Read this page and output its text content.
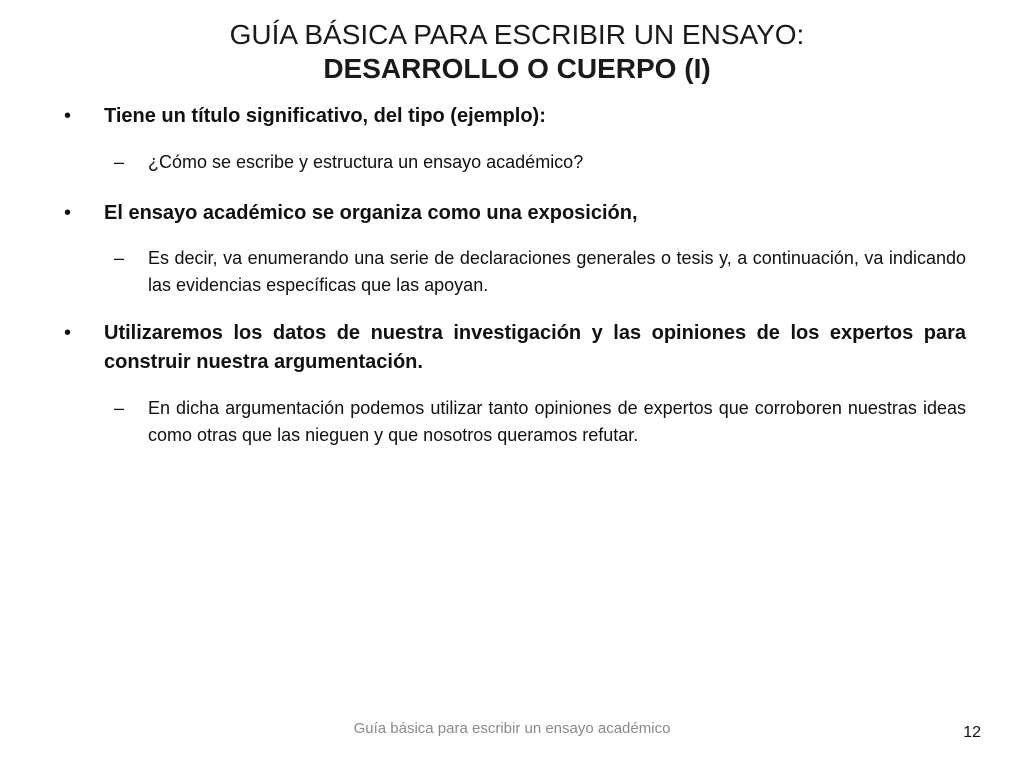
GUÍA BÁSICA PARA ESCRIBIR UN ENSAYO:
DESARROLLO O CUERPO (I)
•	Tiene un título significativo, del tipo (ejemplo):
– ¿Cómo se escribe y estructura un ensayo académico?
•	El ensayo académico se organiza como una exposición,
– Es decir, va enumerando una serie de declaraciones generales o tesis y, a continuación, va indicando las evidencias específicas que las apoyan.
•	Utilizaremos los datos de nuestra investigación y las opiniones de los expertos para construir nuestra argumentación.
– En dicha argumentación podemos utilizar tanto opiniones de expertos que corroboren nuestras ideas como otras que las nieguen y que nosotros queramos refutar.
Guía básica para escribir un ensayo académico	12
